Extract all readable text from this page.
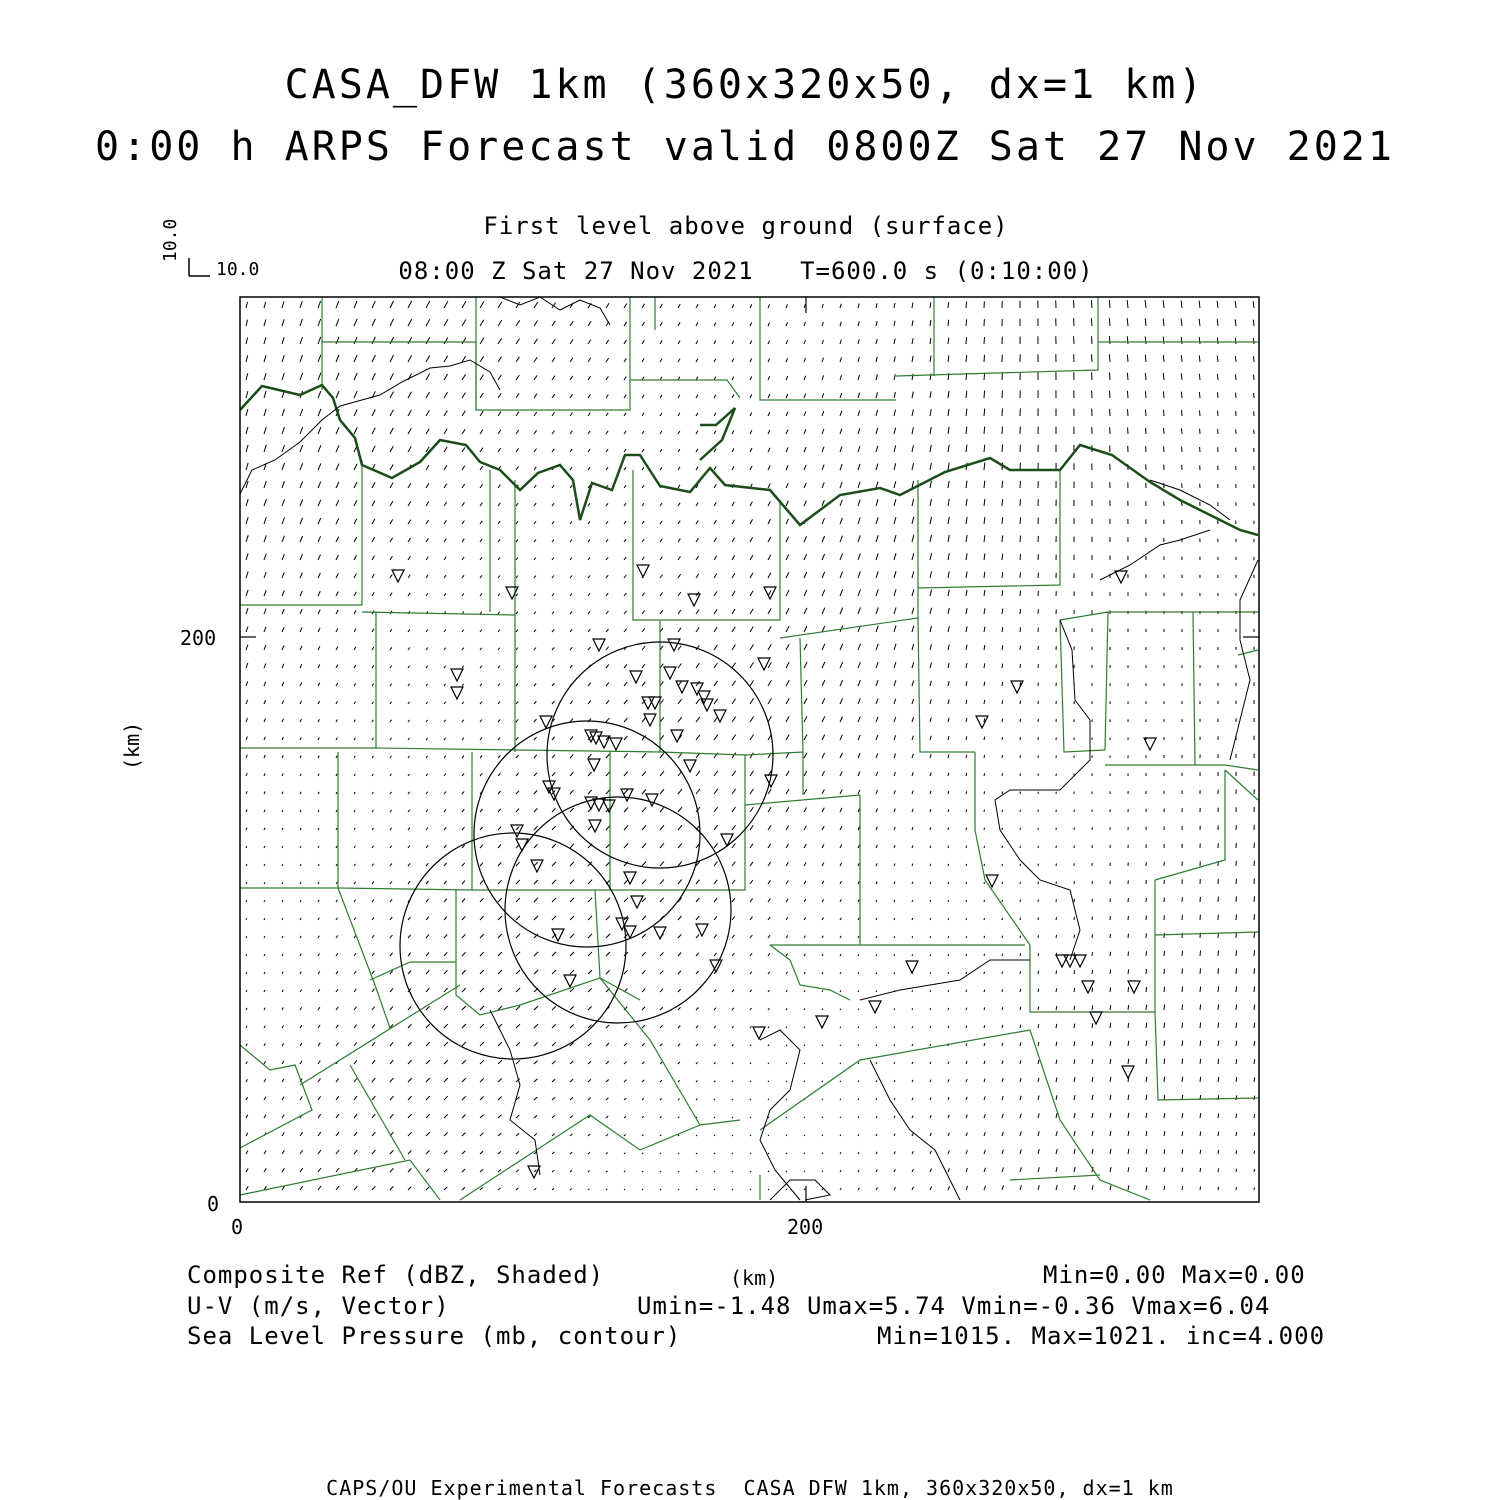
CASA_DFW 1km (360x320x50, dx=1 km)
0:00 h ARPS Forecast valid 0800Z Sat 27 Nov 2021
First level above ground (surface)
08:00 Z Sat 27 Nov 2021   T=600.0 s (0:10:00)
10.0
10.0
(km)
200
0
0	200
(km)
Composite Ref (dBZ, Shaded)	Min=0.00 Max=0.00
U-V (m/s, Vector)	Umin=-1.48 Umax=5.74 Vmin=-0.36 Vmax=6.04
Sea Level Pressure (mb, contour)	Min=1015. Max=1021. inc=4.000
CAPS/OU Experimental Forecasts  CASA DFW 1km, 360x320x50, dx=1 km
